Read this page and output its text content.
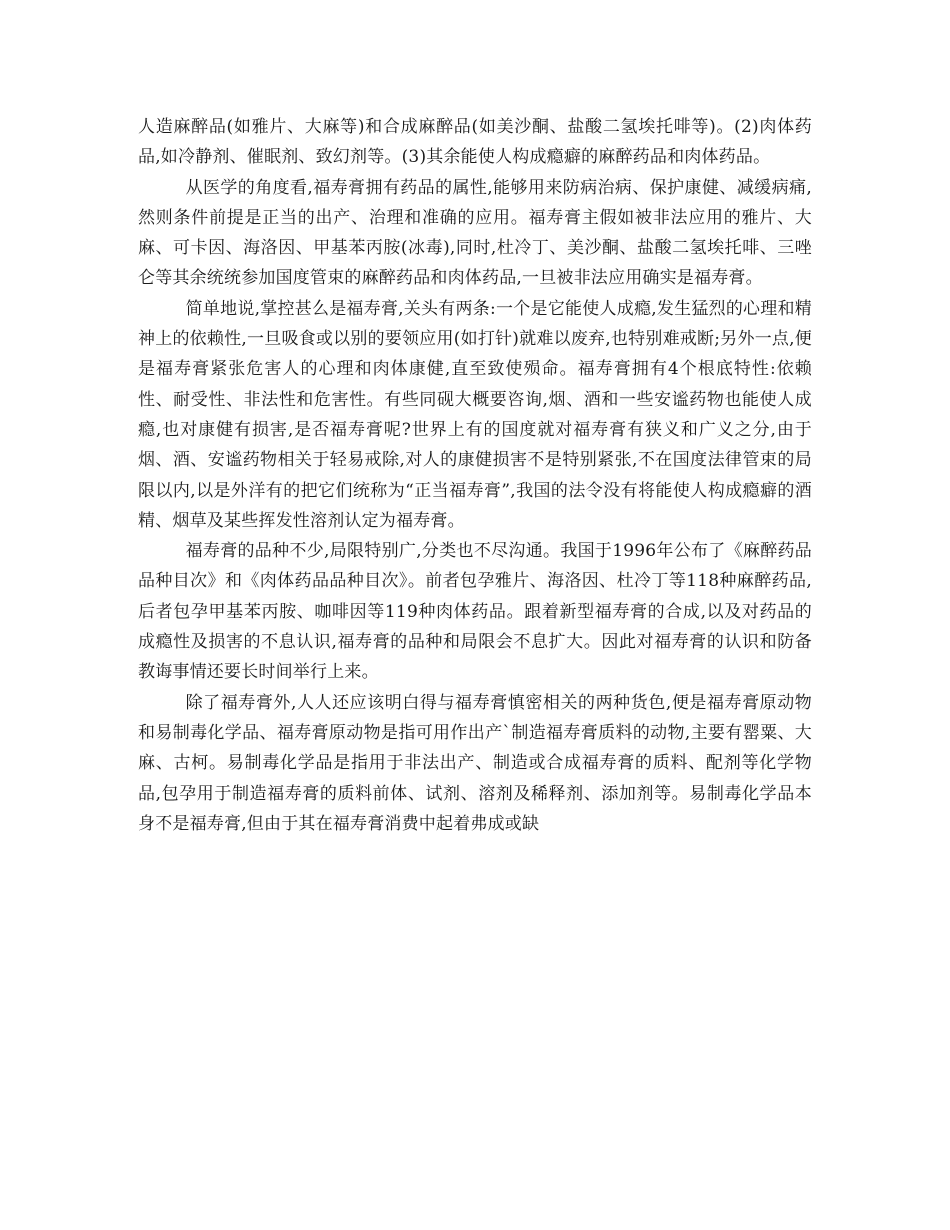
人造麻醉品(如雅片、大麻等)和合成麻醉品(如美沙酮、盐酸二氢埃托啡等)。(2)肉体药品,如冷静剂、催眠剂、致幻剂等。(3)其余能使人构成瘾癖的麻醉药品和肉体药品。

从医学的角度看,福寿膏拥有药品的属性,能够用来防病治病、保护康健、减缓病痛,然则条件前提是正当的出产、治理和准确的应用。福寿膏主假如被非法应用的雅片、大麻、可卡因、海洛因、甲基苯丙胺(冰毒),同时,杜冷丁、美沙酮、盐酸二氢埃托啡、三唑仑等其余统统参加国度管束的麻醉药品和肉体药品,一旦被非法应用确实是福寿膏。

简单地说,掌控甚么是福寿膏,关头有两条:一个是它能使人成瘾,发生猛烈的心理和精神上的依赖性,一旦吸食或以别的要领应用(如打针)就难以废弃,也特别难戒断;另外一点,便是福寿膏紧张危害人的心理和肉体康健,直至致使殒命。福寿膏拥有4个根底特性:依赖性、耐受性、非法性和危害性。有些同砚大概要咨询,烟、酒和一些安谧药物也能使人成瘾,也对康健有损害,是否福寿膏呢?世界上有的国度就对福寿膏有狭义和广义之分,由于烟、酒、安谧药物相关于轻易戒除,对人的康健损害不是特别紧张,不在国度法律管束的局限以内,以是外洋有的把它们统称为“正当福寿膏”,我国的法令没有将能使人构成瘾癖的酒精、烟草及某些挥发性溶剂认定为福寿膏。

福寿膏的品种不少,局限特别广,分类也不尽沟通。我国于1996年公布了《麻醉药品品种目次》和《肉体药品品种目次》。前者包孕雅片、海洛因、杜冷丁等118种麻醉药品,后者包孕甲基苯丙胺、咖啡因等119种肉体药品。跟着新型福寿膏的合成,以及对药品的成瘾性及损害的不息认识,福寿膏的品种和局限会不息扩大。因此对福寿膏的认识和防备教诲事情还要长时间举行上来。

除了福寿膏外,人人还应该明白得与福寿膏慎密相关的两种货色,便是福寿膏原动物和易制毒化学品、福寿膏原动物是指可用作出产`制造福寿膏质料的动物,主要有罂粟、大麻、古柯。易制毒化学品是指用于非法出产、制造或合成福寿膏的质料、配剂等化学物品,包孕用于制造福寿膏的质料前体、试剂、溶剂及稀释剂、添加剂等。易制毒化学品本身不是福寿膏,但由于其在福寿膏消费中起着弗成或缺
